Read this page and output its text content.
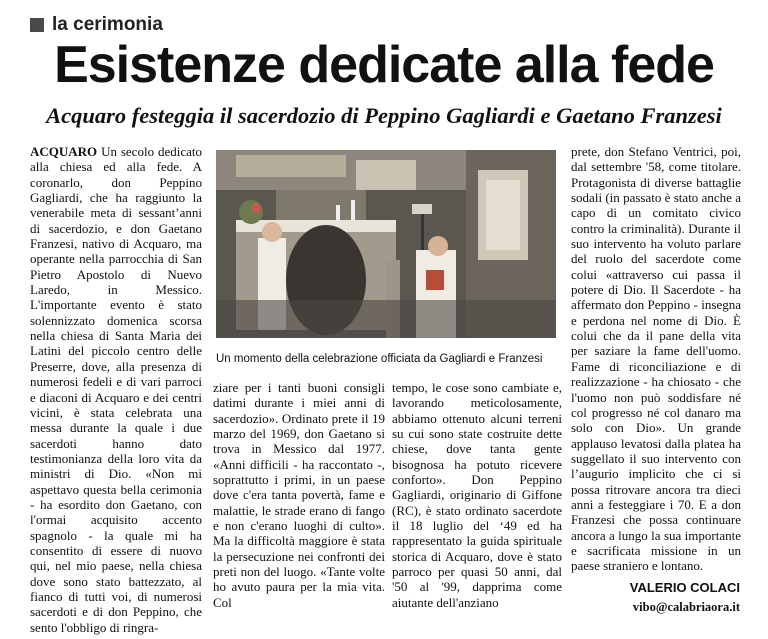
la cerimonia
Esistenze dedicate alla fede
Acquaro festeggia il sacerdozio di Peppino Gagliardi e Gaetano Franzesi

ACQUARO Un secolo dedicato alla chiesa ed alla fede. A coronarlo, don Peppino Gagliardi, che ha raggiunto la venerabile meta di sessant’anni di sacerdozio, e don Gaetano Franzesi, nativo di Acquaro, ma operante nella parrocchia di San Pietro Apostolo di Nuevo Laredo, in Messico. L'importante evento è stato solennizzato domenica scorsa nella chiesa di Santa Maria dei Latini del piccolo centro delle Preserre, dove, alla presenza di numerosi fedeli e di vari parroci e diaconi di Acquaro e dei centri vicini, è stata celebrata una messa durante la quale i due sacerdoti hanno dato testimonianza della loro vita da ministri di Dio. «Non mi aspettavo questa bella cerimonia - ha esordito don Gaetano, con l'ormai acquisito accento spagnolo - la quale mi ha consentito di essere di nuovo qui, nel mio paese, nella chiesa dove sono stato battezzato, al fianco di tutti voi, di numerosi sacerdoti e di don Peppino, che sento l'obbligo di ringra-

Un momento della celebrazione officiata da Gagliardi e Franzesi

ziare per i tanti buoni consigli datimi durante i miei anni di sacerdozio». Ordinato prete il 19 marzo del 1969, don Gaetano si trova in Messico dal 1977. «Anni difficili - ha raccontato -, soprattutto i primi, in un paese dove c'era tanta povertà, fame e malattie, le strade erano di fango e non c'erano luoghi di culto». Ma la difficoltà maggiore è stata la persecuzione nei confronti dei preti non del luogo. «Tante volte ho avuto paura per la mia vita. Col

tempo, le cose sono cambiate e, lavorando meticolosamente, abbiamo ottenuto alcuni terreni su cui sono state costruite dette chiese, dove tanta gente bisognosa ha potuto ricevere conforto». Don Peppino Gagliardi, originario di Giffone (RC), è stato ordinato sacerdote il 18 luglio del ‘49 ed ha rappresentato la guida spirituale storica di Acquaro, dove è stato parroco per quasi 50 anni, dal '50 al '99, dapprima come aiutante dell'anziano

prete, don Stefano Ventrici, poi, dal settembre '58, come titolare. Protagonista di diverse battaglie sodali (in passato è stato anche a capo di un comitato civico contro la criminalità). Durante il suo intervento ha voluto parlare del ruolo del sacerdote come colui «attraverso cui passa il potere di Dio. Il Sacerdote - ha affermato don Peppino - insegna e perdona nel nome di Dio. È colui che da il pane della vita per saziare la fame dell'uomo. Fame di riconciliazione e di realizzazione - ha chiosato - che l'uomo non può soddisfare né col progresso né col danaro ma solo con Dio». Un grande applauso levatosi dalla platea ha suggellato il suo intervento con l’augurio implicito che ci si possa ritrovare ancora tra dieci anni a festeggiare i 70. E a don Franzesi che possa continuare ancora a lungo la sua importante e sacrificata missione in un paese straniero e lontano.

VALERIO COLACI
vibo@calabriaora.it
